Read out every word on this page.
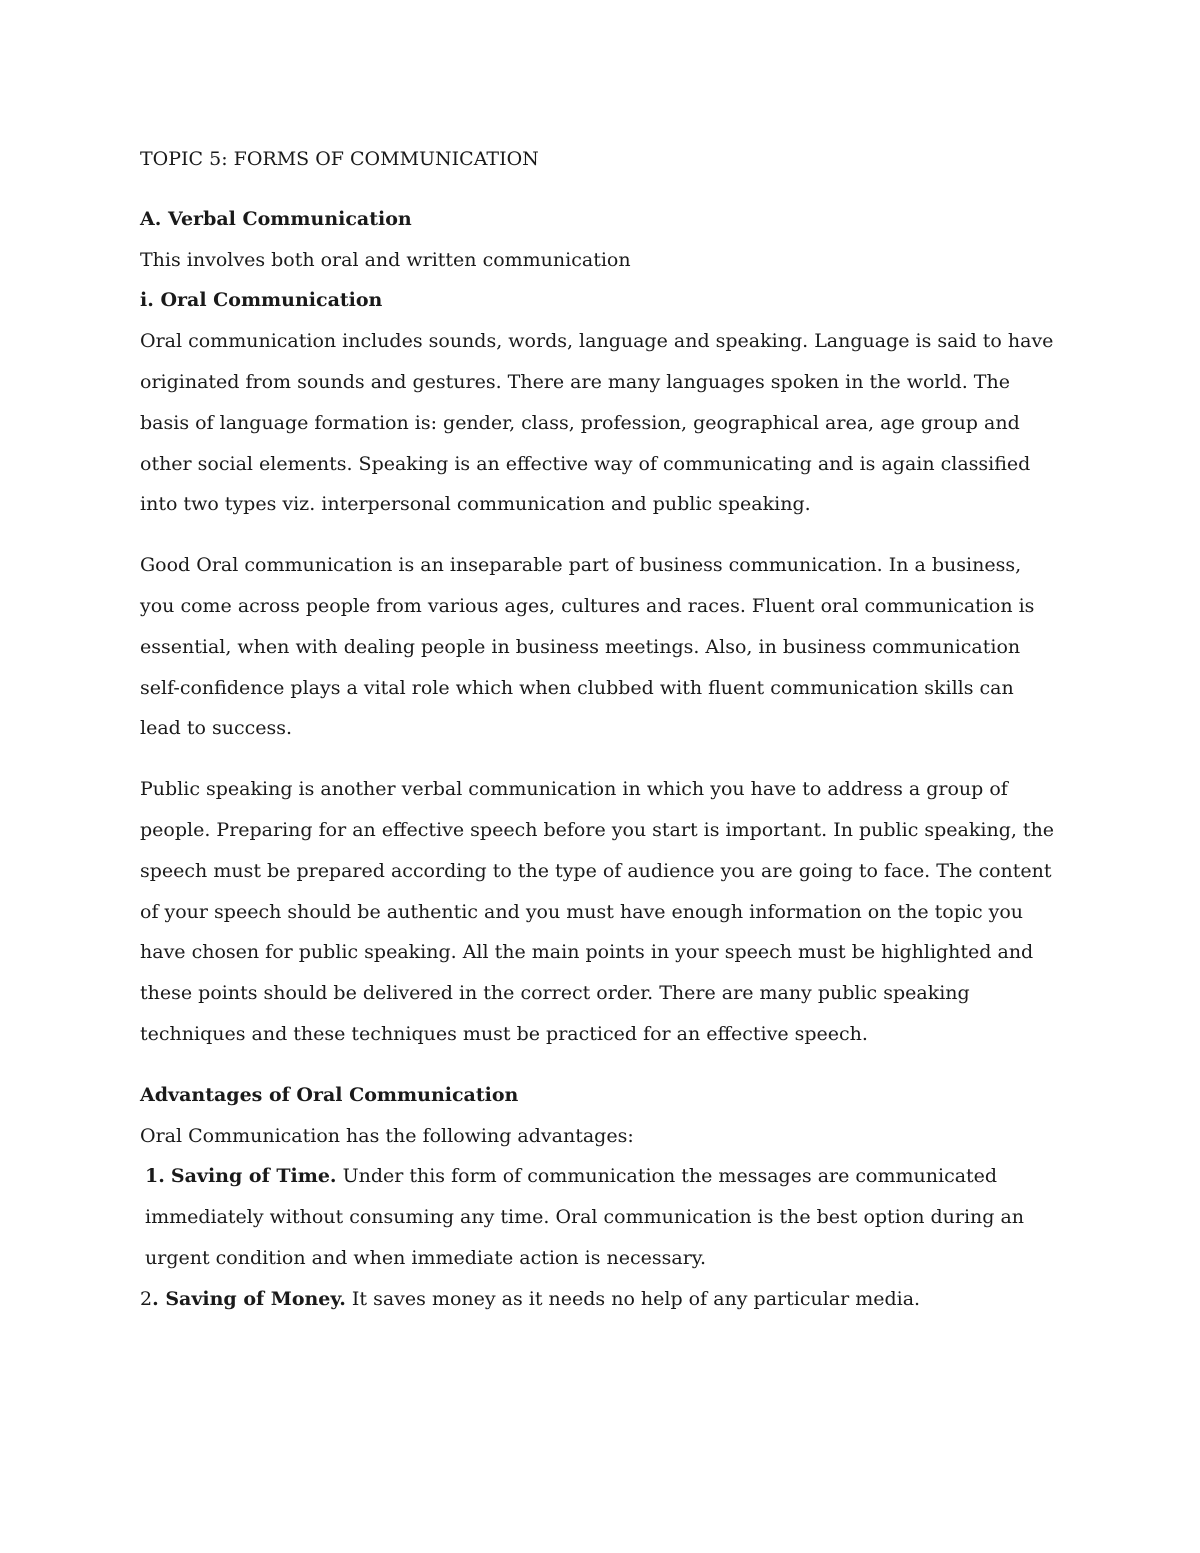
TOPIC 5: FORMS OF COMMUNICATION

A. Verbal Communication

This involves both oral and written communication

i. Oral Communication

Oral communication includes sounds, words, language and speaking. Language is said to have originated from sounds and gestures. There are many languages spoken in the world. The basis of language formation is: gender, class, profession, geographical area, age group and other social elements. Speaking is an effective way of communicating and is again classified into two types viz. interpersonal communication and public speaking.

Good Oral communication is an inseparable part of business communication. In a business, you come across people from various ages, cultures and races. Fluent oral communication is essential, when with dealing people in business meetings. Also, in business communication self-confidence plays a vital role which when clubbed with fluent communication skills can lead to success.

Public speaking is another verbal communication in which you have to address a group of people. Preparing for an effective speech before you start is important. In public speaking, the speech must be prepared according to the type of audience you are going to face. The content of your speech should be authentic and you must have enough information on the topic you have chosen for public speaking. All the main points in your speech must be highlighted and these points should be delivered in the correct order. There are many public speaking techniques and these techniques must be practiced for an effective speech.

Advantages of Oral Communication

Oral Communication has the following advantages:

1. Saving of Time. Under this form of communication the messages are communicated immediately without consuming any time. Oral communication is the best option during an urgent condition and when immediate action is necessary.

2. Saving of Money. It saves money as it needs no help of any particular media.
